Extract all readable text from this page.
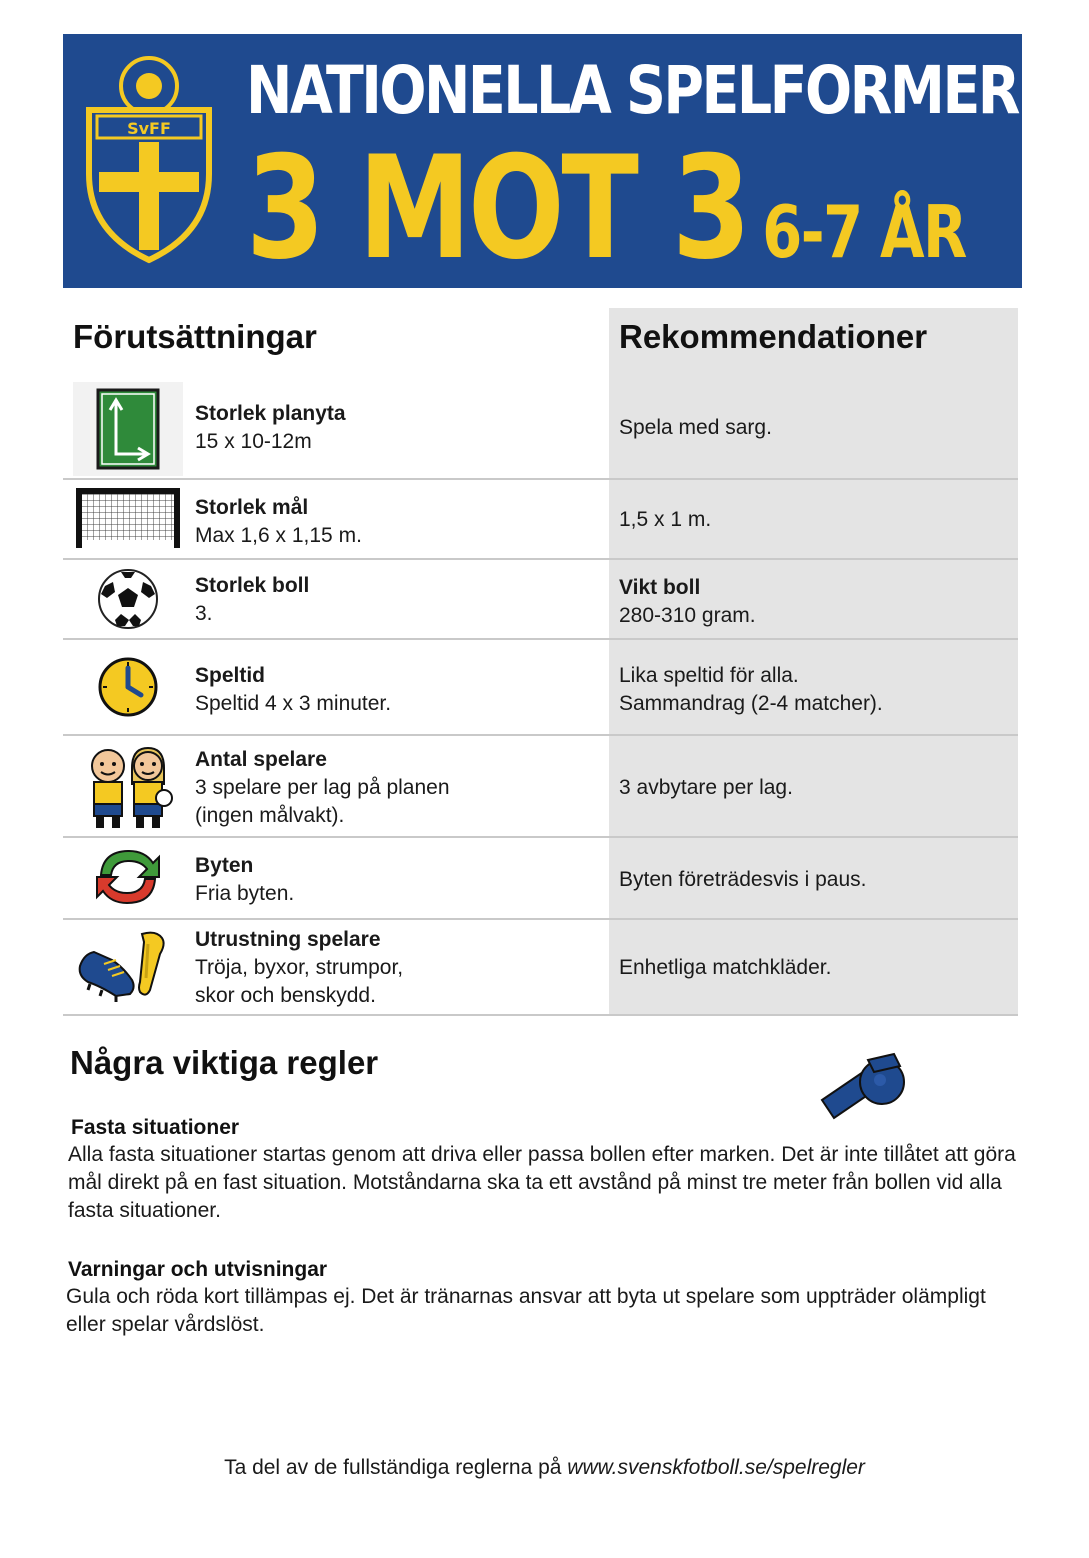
SvFF NATIONELLA SPELFORMER
3 MOT 3 6-7 ÅR
Förutsättningar	Rekommendationer
Storlek planyta
15 x 10-12m
Spela med sarg.
Storlek mål
Max 1,6 x 1,15 m.
1,5 x 1 m.
Storlek boll
3.
Vikt boll
280-310 gram.
Speltid
Speltid 4 x 3 minuter.
Lika speltid för alla.
Sammandrag (2-4 matcher).
Antal spelare
3 spelare per lag på planen
(ingen målvakt).
3 avbytare per lag.
Byten
Fria byten.
Byten företrädesvis i paus.
Utrustning spelare
Tröja, byxor, strumpor,
skor och benskydd.
Enhetliga matchkläder.
Några viktiga regler
Fasta situationer
Alla fasta situationer startas genom att driva eller passa bollen efter marken. Det är inte tillåtet att göra mål direkt på en fast situation. Motståndarna ska ta ett avstånd på minst tre meter från bollen vid alla fasta situationer.
Varningar och utvisningar
Gula och röda kort tillämpas ej. Det är tränarnas ansvar att byta ut spelare som uppträder olämpligt eller spelar vårdslöst.
Ta del av de fullständiga reglerna på www.svenskfotboll.se/spelregler
